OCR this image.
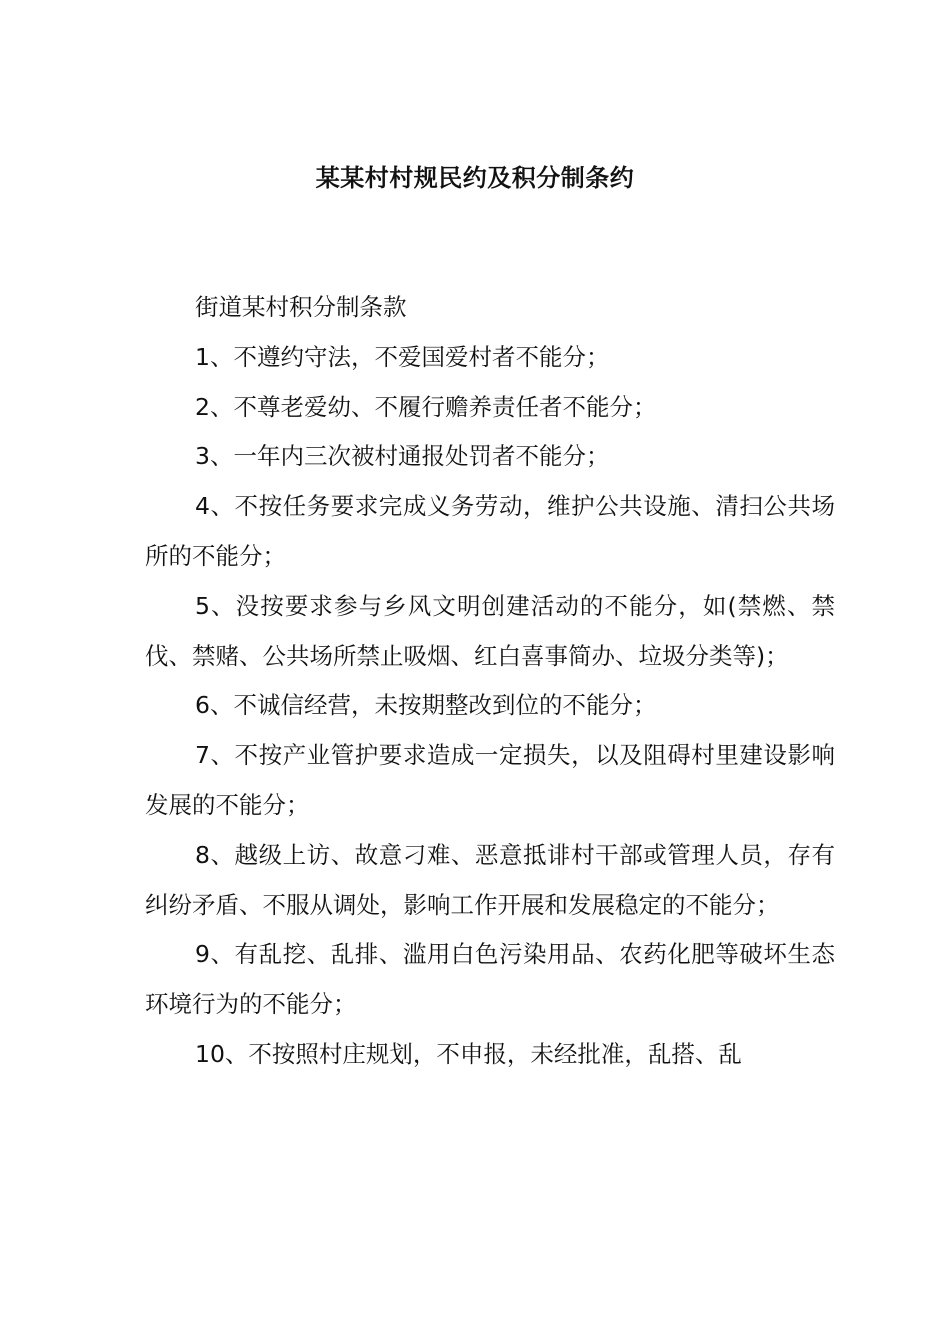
某某村村规民约及积分制条约

街道某村积分制条款

1、不遵约守法，不爱国爱村者不能分；

2、不尊老爱幼、不履行赡养责任者不能分；

3、一年内三次被村通报处罚者不能分；

4、不按任务要求完成义务劳动，维护公共设施、清扫公共场所的不能分；

5、没按要求参与乡风文明创建活动的不能分，如(禁燃、禁伐、禁赌、公共场所禁止吸烟、红白喜事简办、垃圾分类等)；

6、不诚信经营，未按期整改到位的不能分；

7、不按产业管护要求造成一定损失，以及阻碍村里建设影响发展的不能分；

8、越级上访、故意刁难、恶意抵诽村干部或管理人员，存有纠纷矛盾、不服从调处，影响工作开展和发展稳定的不能分；

9、有乱挖、乱排、滥用白色污染用品、农药化肥等破坏生态环境行为的不能分；

10、不按照村庄规划，不申报，未经批准，乱搭、乱
